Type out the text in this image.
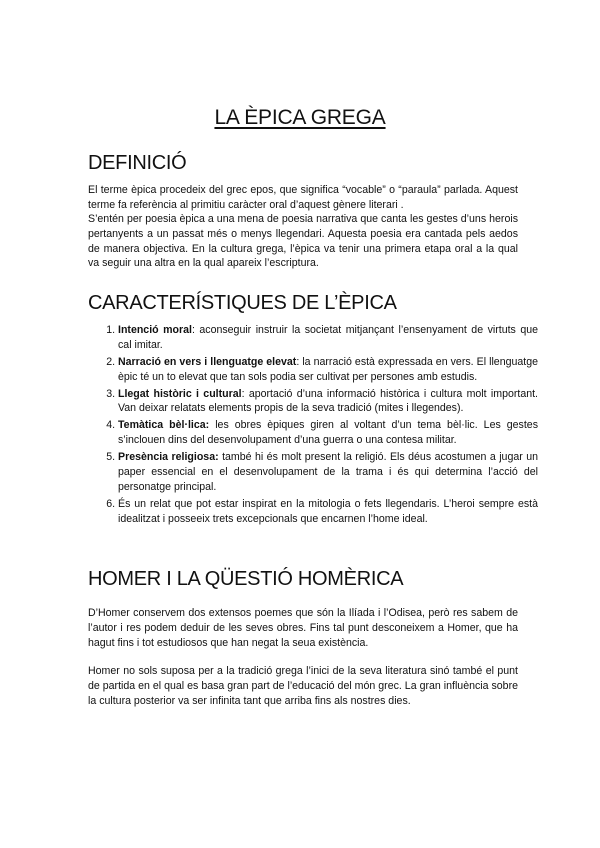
LA ÈPICA GREGA
DEFINICIÓ

El terme èpica procedeix del grec epos, que significa “vocable” o “paraula” parlada. Aquest terme fa referència al primitiu caràcter oral d’aquest gènere literari .

S’entén per poesia èpica a una mena de poesia narrativa que canta les gestes d’uns herois pertanyents a un passat més o menys llegendari. Aquesta poesia era cantada pels aedos de manera objectiva. En la cultura grega, l’èpica va tenir una primera etapa oral a la qual va seguir una altra en la qual apareix l’escriptura.

CARACTERÍSTIQUES DE L’ÈPICA
1. Intenció moral: aconseguir instruir la societat mitjançant l’ensenyament de virtuts que cal imitar.
2. Narració en vers i llenguatge elevat: la narració està expressada en vers. El llenguatge èpic té un to elevat que tan sols podia ser cultivat per persones amb estudis.
3. Llegat històric i cultural: aportació d’una informació històrica i cultura molt important. Van deixar relatats elements propis de la seva tradició (mites i llegendes).
4. Temàtica bèl·lica: les obres èpiques giren al voltant d’un tema bèl·lic. Les gestes s’inclouen dins del desenvolupament d’una guerra o una contesa militar.
5. Presència religiosa: també hi és molt present la religió. Els déus acostumen a jugar un paper essencial en el desenvolupament de la trama i és qui determina l’acció del personatge principal.
6. És un relat que pot estar inspirat en la mitologia o fets llegendaris. L’heroi sempre està idealitzat i posseeix trets excepcionals que encarnen l’home ideal.
HOMER I LA QÜESTIÓ HOMÈRICA

D’Homer conservem dos extensos poemes que són la Ilíada i l’Odisea, però res sabem de l’autor i res podem deduir de les seves obres. Fins tal punt desconeixem a Homer, que ha hagut fins i tot estudiosos que han negat la seua existència.

Homer no sols suposa per a la tradició grega l’inici de la seva literatura sinó també el punt de partida en el qual es basa gran part de l’educació del món grec. La gran influència sobre la cultura posterior va ser infinita tant que arriba fins als nostres dies.
